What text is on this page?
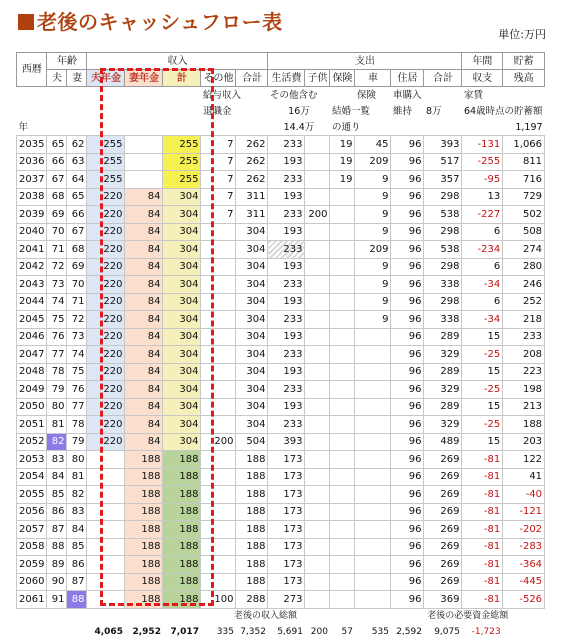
老後のキャッシュフロー表
単位:万円
西暦	年齢		収入					支出						年間	貯蓄
	夫	妻	夫年金	妻年金	計	その他	合計	生活費	子供	保険	車	住居	合計	収支	残高
						給与収入		その他含む			保険	車購入		家賃	
						退職金		16万		結婚一覧		維持	8万	64歳時点の貯蓄額	
年								14.4万		の通り					1,197
2035	65	62	255		255	7	262	233		19	45	96	393	-131	1,066
2036	66	63	255		255	7	262	193		19	209	96	517	-255	811
2037	67	64	255		255	7	262	233		19	9	96	357	-95	716
2038	68	65	220	84	304	7	311	193			9	96	298	13	729
2039	69	66	220	84	304	7	311	233	200		9	96	538	-227	502
2040	70	67	220	84	304		304	193			9	96	298	6	508
2041	71	68	220	84	304		304	233			209	96	538	-234	274
2042	72	69	220	84	304		304	193			9	96	298	6	280
2043	73	70	220	84	304		304	233			9	96	338	-34	246
2044	74	71	220	84	304		304	193			9	96	298	6	252
2045	75	72	220	84	304		304	233			9	96	338	-34	218
2046	76	73	220	84	304		304	193				96	289	15	233
2047	77	74	220	84	304		304	233				96	329	-25	208
2048	78	75	220	84	304		304	193				96	289	15	223
2049	79	76	220	84	304		304	233				96	329	-25	198
2050	80	77	220	84	304		304	193				96	289	15	213
2051	81	78	220	84	304		304	233				96	329	-25	188
2052	82	79	220	84	304	200	504	393				96	489	15	203
2053	83	80		188	188		188	173				96	269	-81	122
2054	84	81		188	188		188	173				96	269	-81	41
2055	85	82		188	188		188	173				96	269	-81	-40
2056	86	83		188	188		188	173				96	269	-81	-121
2057	87	84		188	188		188	173				96	269	-81	-202
2058	88	85		188	188		188	173				96	269	-81	-283
2059	89	86		188	188		188	173				96	269	-81	-364
2060	90	87		188	188		188	173				96	269	-81	-445
2061	91	88		188	188	100	288	273				96	369	-81	-526
						老後の収入総額						老後の必要資金総額			
			4,065	2,952	7,017	335	7,352	5,691	200	57	535	2,592	9,075	-1,723	
